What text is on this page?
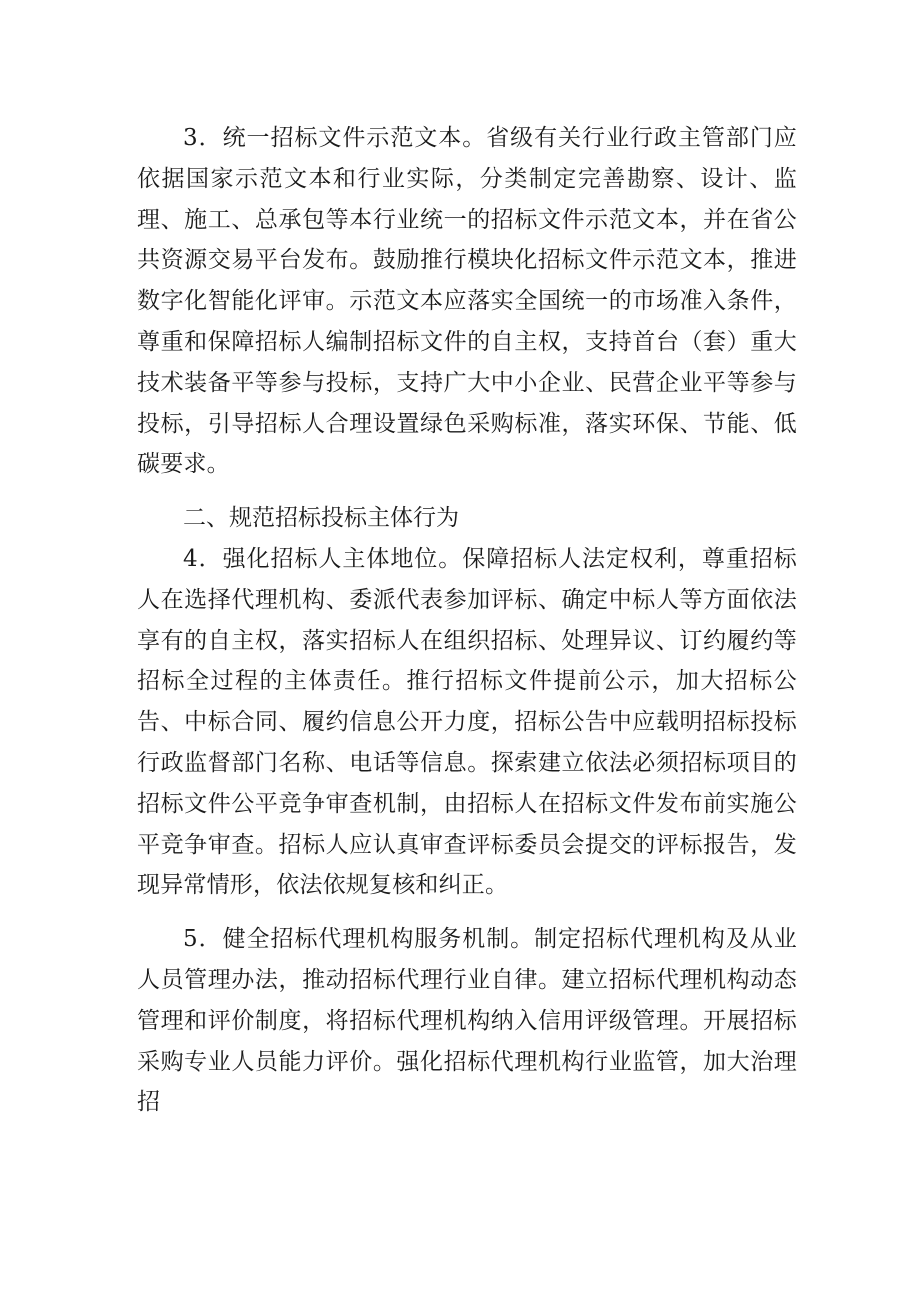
3．统一招标文件示范文本。省级有关行业行政主管部门应依据国家示范文本和行业实际，分类制定完善勘察、设计、监理、施工、总承包等本行业统一的招标文件示范文本，并在省公共资源交易平台发布。鼓励推行模块化招标文件示范文本，推进数字化智能化评审。示范文本应落实全国统一的市场准入条件，尊重和保障招标人编制招标文件的自主权，支持首台（套）重大技术装备平等参与投标，支持广大中小企业、民营企业平等参与投标，引导招标人合理设置绿色采购标准，落实环保、节能、低碳要求。

二、规范招标投标主体行为

4．强化招标人主体地位。保障招标人法定权利，尊重招标人在选择代理机构、委派代表参加评标、确定中标人等方面依法享有的自主权，落实招标人在组织招标、处理异议、订约履约等招标全过程的主体责任。推行招标文件提前公示，加大招标公告、中标合同、履约信息公开力度，招标公告中应载明招标投标行政监督部门名称、电话等信息。探索建立依法必须招标项目的招标文件公平竞争审查机制，由招标人在招标文件发布前实施公平竞争审查。招标人应认真审查评标委员会提交的评标报告，发现异常情形，依法依规复核和纠正。

5．健全招标代理机构服务机制。制定招标代理机构及从业人员管理办法，推动招标代理行业自律。建立招标代理机构动态管理和评价制度，将招标代理机构纳入信用评级管理。开展招标采购专业人员能力评价。强化招标代理机构行业监管，加大治理招
